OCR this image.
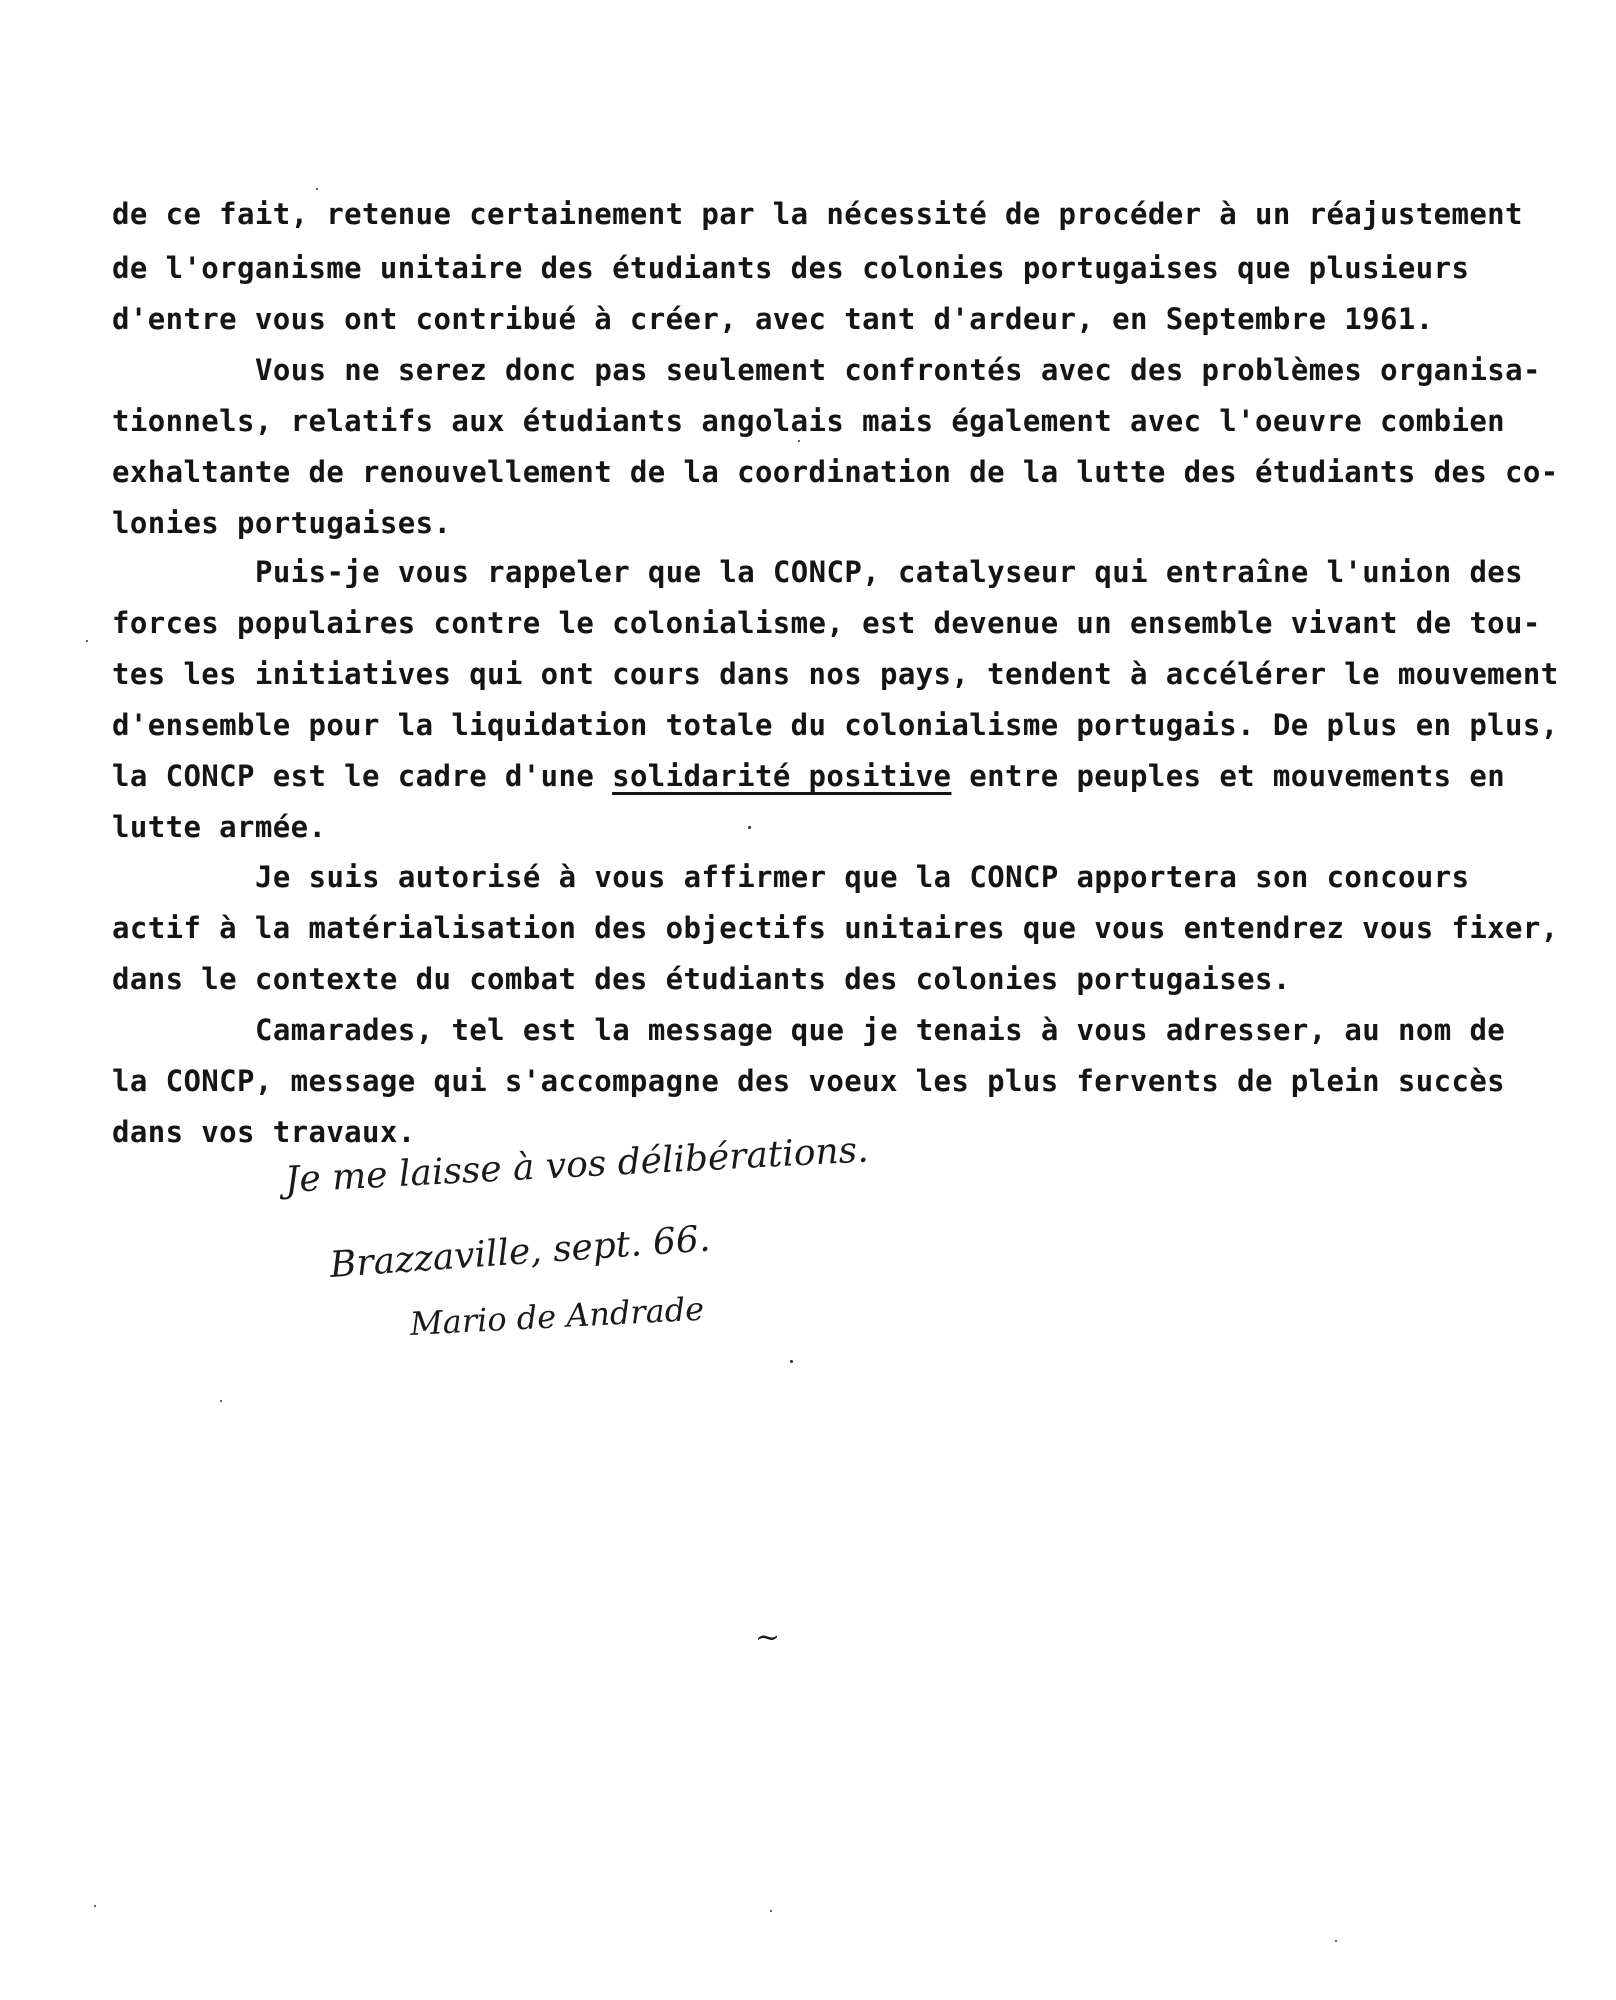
de ce fait, retenue certainement par la nécessité de procéder à un réajustement
de l'organisme unitaire des étudiants des colonies portugaises que plusieurs
d'entre vous ont contribué à créer, avec tant d'ardeur, en Septembre 1961.
Vous ne serez donc pas seulement confrontés avec des problèmes organisa-
tionnels, relatifs aux étudiants angolais mais également avec l'oeuvre combien
exhaltante de renouvellement de la coordination de la lutte des étudiants des co-
lonies portugaises.
Puis-je vous rappeler que la CONCP, catalyseur qui entraîne l'union des
forces populaires contre le colonialisme, est devenue un ensemble vivant de tou-
tes les initiatives qui ont cours dans nos pays, tendent à accélérer le mouvement
d'ensemble pour la liquidation totale du colonialisme portugais. De plus en plus,
la CONCP est le cadre d'une solidarité positive entre peuples et mouvements en
lutte armée.
Je suis autorisé à vous affirmer que la CONCP apportera son concours
actif à la matérialisation des objectifs unitaires que vous entendrez vous fixer,
dans le contexte du combat des étudiants des colonies portugaises.
Camarades, tel est la message que je tenais à vous adresser, au nom de
la CONCP, message qui s'accompagne des voeux les plus fervents de plein succès
dans vos travaux.
Je me laisse à vos délibérations.
Brazzaville, sept. 66.
Mario de Andrade
~
